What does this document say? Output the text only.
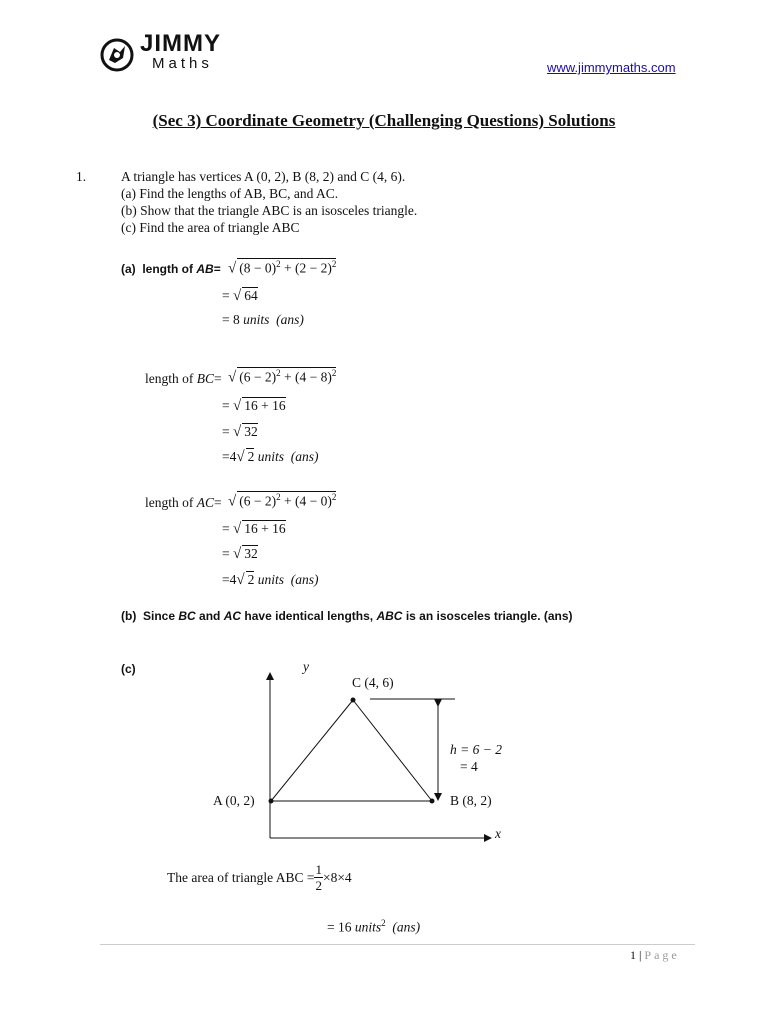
JIMMY
Maths	www.jimmymaths.com
(Sec 3) Coordinate Geometry (Challenging Questions) Solutions
1.	A triangle has vertices A (0, 2), B (8, 2) and C (4, 6).
(a) Find the lengths of AB, BC, and AC.
(b) Show that the triangle ABC is an isosceles triangle.
(c) Find the area of triangle ABC
(a) length of AB= √ $(8 - 0)^2 + (2 - 2)^2$
= √ 64
= 8 units (ans)
length of BC= √ $(6 - 2)^2 + (4 - 8)^2$
= √ 16 + 16
= √ 32
=4√ 2 units (ans)
length of AC= √ $(6 - 2)^2 + (4 - 0)^2$
= √ 16 + 16
= √ 32
=4√ 2 units (ans)
(b) Since BC and AC have identical lengths, ABC is an isosceles triangle. (ans)
(c)	y
x
C (4, 6)
A (0, 2)	B (8, 2)
h = 6 − 2
= 4
The area of triangle ABC = $\frac{1}{2} \times 8\times 4$
= 16 units$^2$ (ans)
1 | Page
